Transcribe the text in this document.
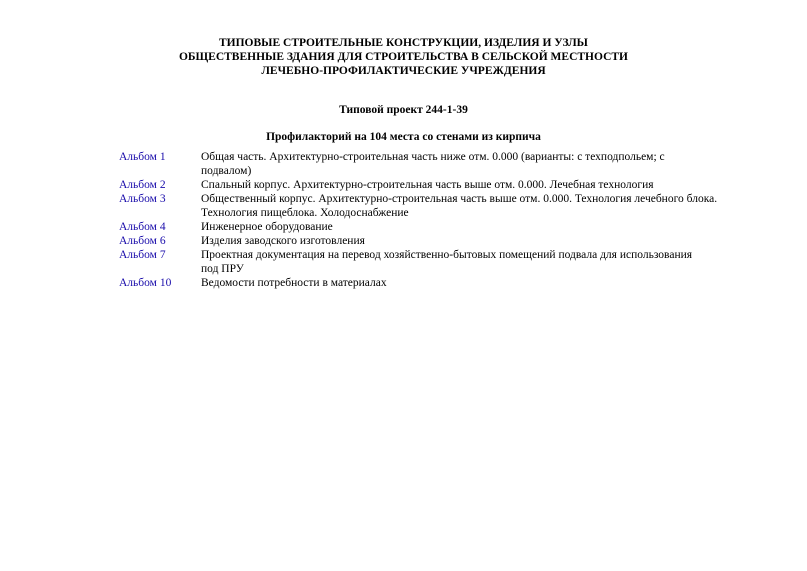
ТИПОВЫЕ СТРОИТЕЛЬНЫЕ КОНСТРУКЦИИ, ИЗДЕЛИЯ И УЗЛЫ
ОБЩЕСТВЕННЫЕ ЗДАНИЯ ДЛЯ СТРОИТЕЛЬСТВА В СЕЛЬСКОЙ МЕСТНОСТИ
ЛЕЧЕБНО-ПРОФИЛАКТИЧЕСКИЕ УЧРЕЖДЕНИЯ
Типовой проект 244-1-39
Профилакторий на 104 места со стенами из кирпича
Альбом 1	Общая часть. Архитектурно-строительная часть ниже отм. 0.000 (варианты: с техподпольем; с
подвалом)
Альбом 2	Спальный корпус. Архитектурно-строительная часть выше отм. 0.000. Лечебная технология
Альбом 3	Общественный корпус. Архитектурно-строительная часть выше отм. 0.000. Технология лечебного блока.
Технология пищеблока. Холодоснабжение
Альбом 4	Инженерное оборудование
Альбом 6	Изделия заводского изготовления
Альбом 7	Проектная документация на перевод хозяйственно-бытовых помещений подвала для использования
под ПРУ
Альбом 10	Ведомости потребности в материалах
